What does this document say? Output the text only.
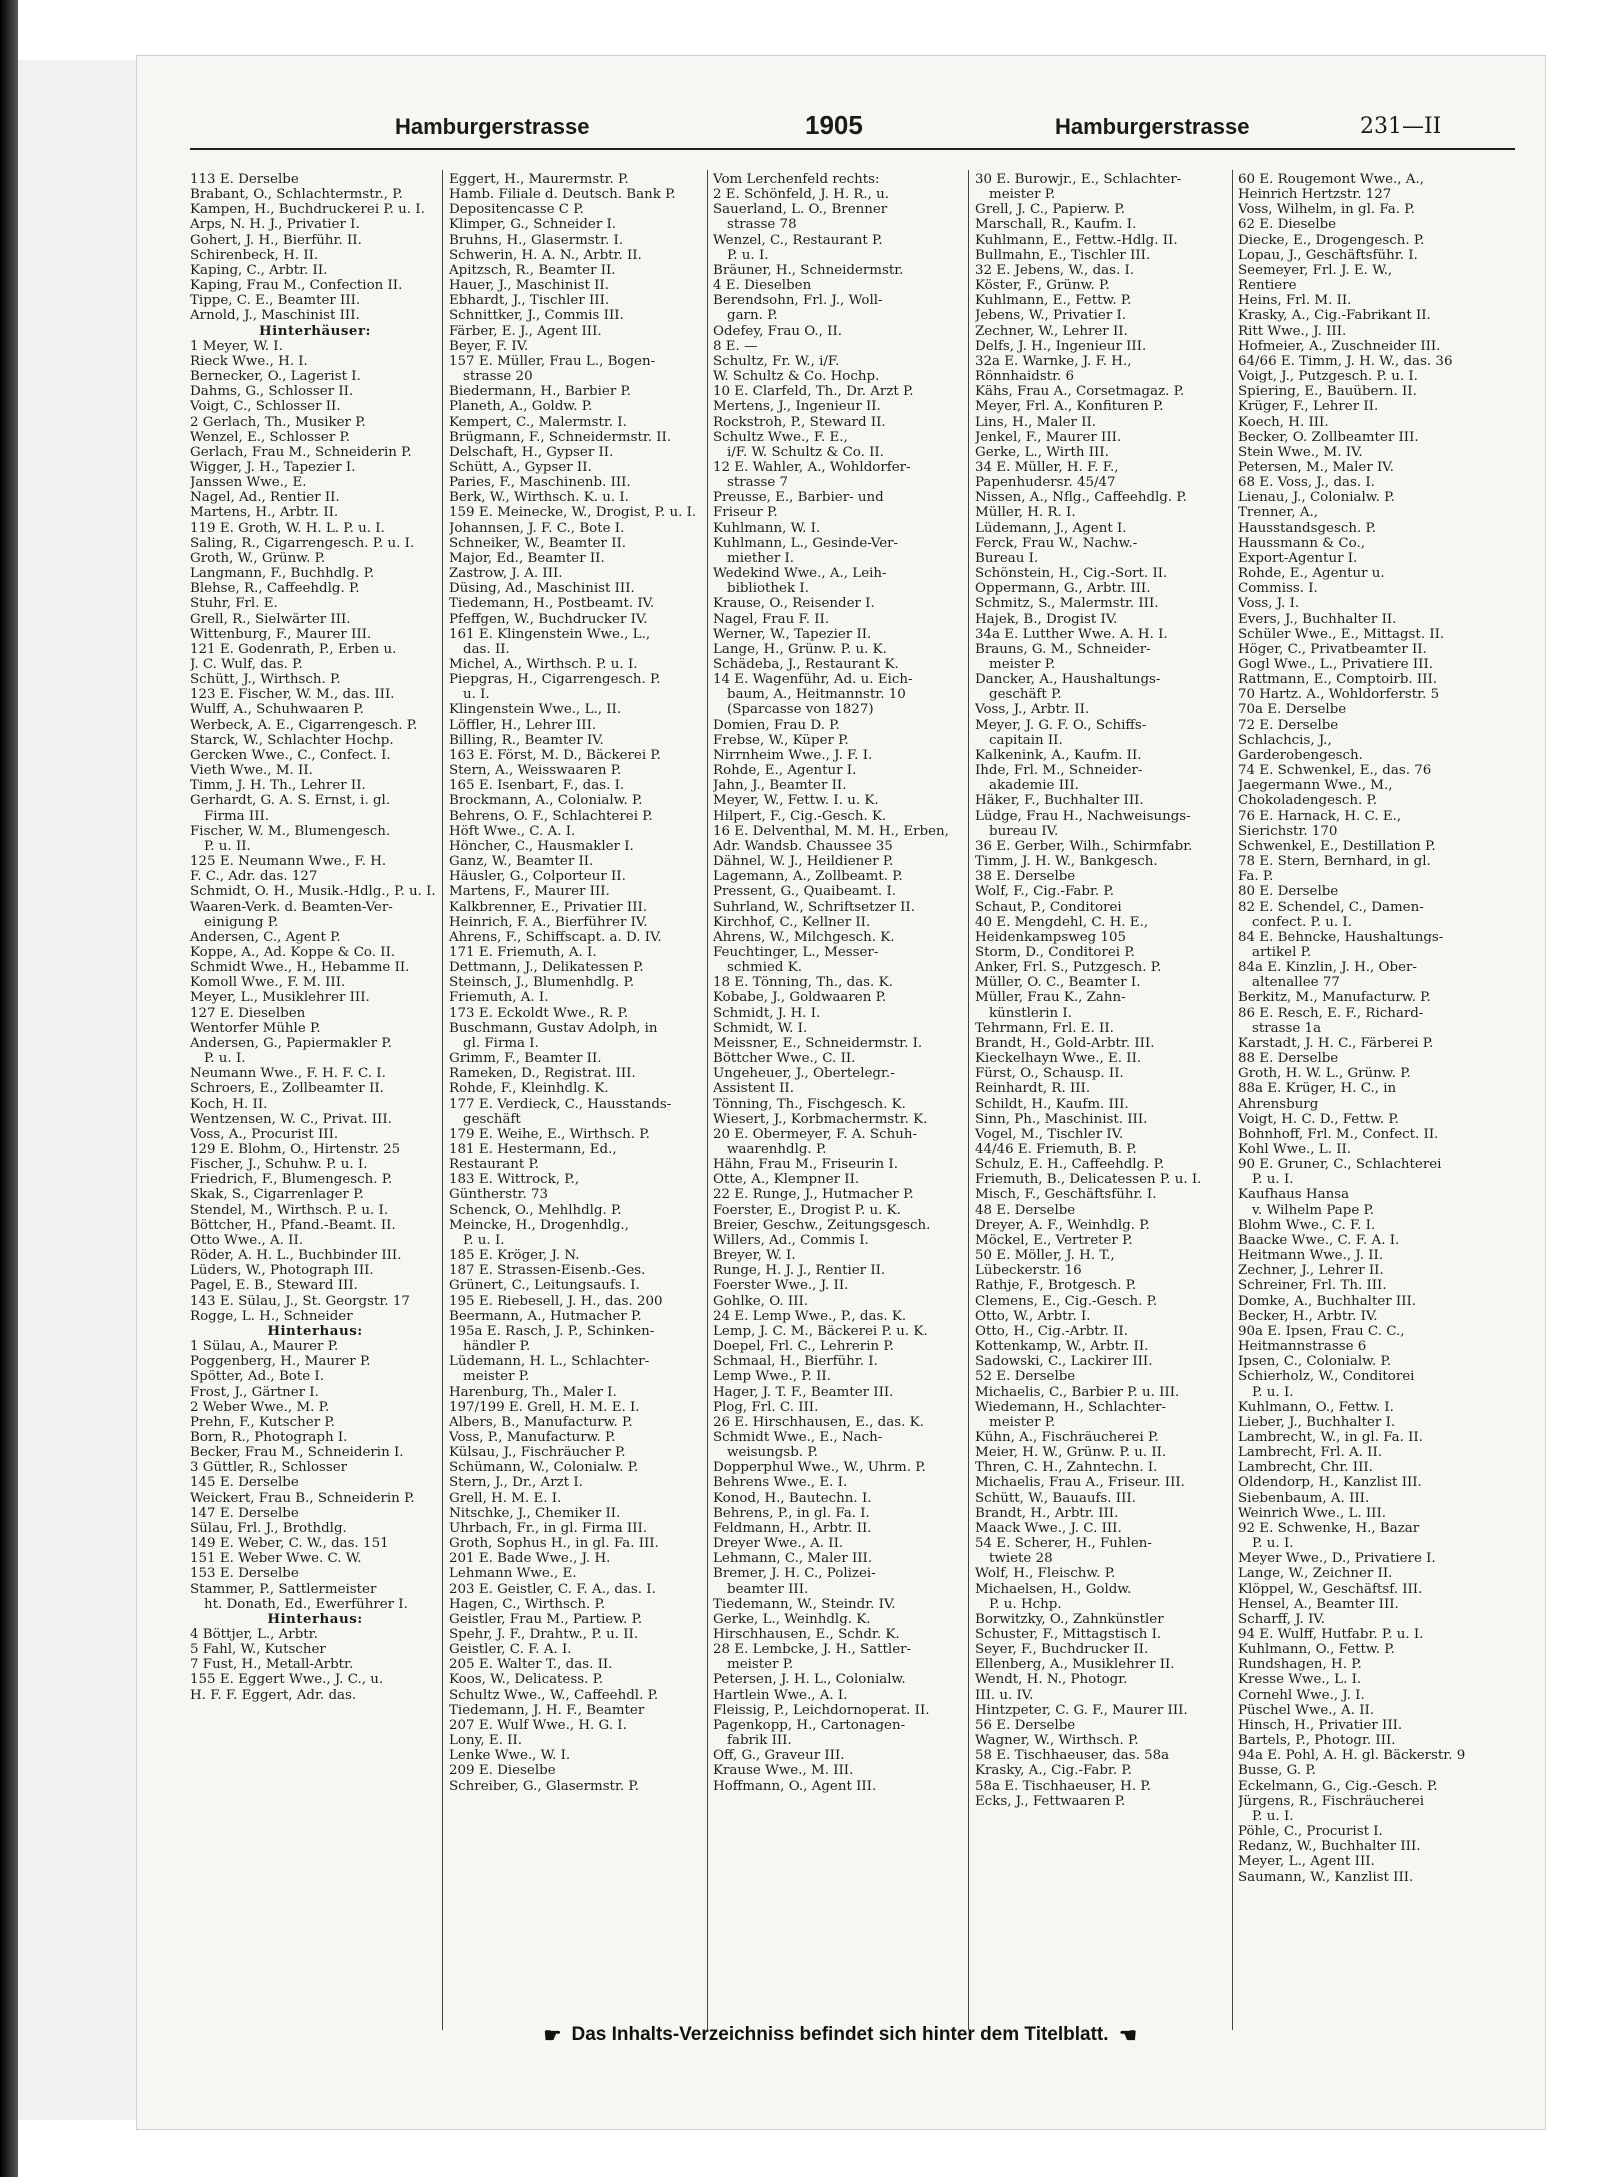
Hamburgerstrasse	1905	Hamburgerstrasse	231—II
113 E. Derselbe
Brabant, O., Schlachtermstr., P.
Kampen, H., Buchdruckerei P. u. I.
Arps, N. H. J., Privatier I.
Gohert, J. H., Bierführ. II.
Schirenbeck, H. II.
Kaping, C., Arbtr. II.
Kaping, Frau M., Confection II.
Tippe, C. E., Beamter III.
Arnold, J., Maschinist III.
Hinterhäuser:
1 Meyer, W. I.
Rieck Wwe., H. I.
Bernecker, O., Lagerist I.
Dahms, G., Schlosser II.
Voigt, C., Schlosser II.
2 Gerlach, Th., Musiker P.
Wenzel, E., Schlosser P.
Gerlach, Frau M., Schneiderin P.
Wigger, J. H., Tapezier I.
Janssen Wwe., E.
Nagel, Ad., Rentier II.
Martens, H., Arbtr. II.
119 E. Groth, W. H. L. P. u. I.
Saling, R., Cigarrengesch. P. u. I.
Groth, W., Grünw. P.
Langmann, F., Buchhdlg. P.
Blehse, R., Caffeehdlg. P.
Stuhr, Frl. E.
Grell, R., Sielwärter III.
Wittenburg, F., Maurer III.
121 E. Godenrath, P., Erben u.
J. C. Wulf, das. P.
Schütt, J., Wirthsch. P.
123 E. Fischer, W. M., das. III.
Wulff, A., Schuhwaaren P.
Werbeck, A. E., Cigarrengesch. P.
Starck, W., Schlachter Hochp.
Gercken Wwe., C., Confect. I.
Vieth Wwe., M. II.
Timm, J. H. Th., Lehrer II.
Gerhardt, G. A. S. Ernst, i. gl.
Firma III.
Fischer, W. M., Blumengesch.
P. u. II.
125 E. Neumann Wwe., F. H.
F. C., Adr. das. 127
Schmidt, O. H., Musik.-Hdlg., P. u. I.
Waaren-Verk. d. Beamten-Ver-
einigung P.
Andersen, C., Agent P.
Koppe, A., Ad. Koppe & Co. II.
Schmidt Wwe., H., Hebamme II.
Komoll Wwe., F. M. III.
Meyer, L., Musiklehrer III.
127 E. Dieselben
Wentorfer Mühle P.
Andersen, G., Papiermakler P.
P. u. I.
Neumann Wwe., F. H. F. C. I.
Schroers, E., Zollbeamter II.
Koch, H. II.
Wentzensen, W. C., Privat. III.
Voss, A., Procurist III.
129 E. Blohm, O., Hirtenstr. 25
Fischer, J., Schuhw. P. u. I.
Friedrich, F., Blumengesch. P.
Skak, S., Cigarrenlager P.
Stendel, M., Wirthsch. P. u. I.
Böttcher, H., Pfand.-Beamt. II.
Otto Wwe., A. II.
Röder, A. H. L., Buchbinder III.
Lüders, W., Photograph III.
Pagel, E. B., Steward III.
143 E. Sülau, J., St. Georgstr. 17
Rogge, L. H., Schneider
Hinterhaus:
1 Sülau, A., Maurer P.
Poggenberg, H., Maurer P.
Spötter, Ad., Bote I.
Frost, J., Gärtner I.
2 Weber Wwe., M. P.
Prehn, F., Kutscher P.
Born, R., Photograph I.
Becker, Frau M., Schneiderin I.
3 Güttler, R., Schlosser
145 E. Derselbe
Weickert, Frau B., Schneiderin P.
147 E. Derselbe
Sülau, Frl. J., Brothdlg.
149 E. Weber, C. W., das. 151
151 E. Weber Wwe. C. W.
153 E. Derselbe
Stammer, P., Sattlermeister
ht. Donath, Ed., Ewerführer I.
Hinterhaus:
4 Böttjer, L., Arbtr.
5 Fahl, W., Kutscher
7 Fust, H., Metall-Arbtr.
155 E. Eggert Wwe., J. C., u.
H. F. F. Eggert, Adr. das.
Eggert, H., Maurermstr. P.
Hamb. Filiale d. Deutsch. Bank P.
Depositencasse C P.
Klimper, G., Schneider I.
Bruhns, H., Glasermstr. I.
Schwerin, H. A. N., Arbtr. II.
Apitzsch, R., Beamter II.
Hauer, J., Maschinist II.
Ebhardt, J., Tischler III.
Schnittker, J., Commis III.
Färber, E. J., Agent III.
Beyer, F. IV.
157 E. Müller, Frau L., Bogen-
strasse 20
Biedermann, H., Barbier P.
Planeth, A., Goldw. P.
Kempert, C., Malermstr. I.
Brügmann, F., Schneidermstr. II.
Delschaft, H., Gypser II.
Schütt, A., Gypser II.
Paries, F., Maschinenb. III.
Berk, W., Wirthsch. K. u. I.
159 E. Meinecke, W., Drogist, P. u. I.
Johannsen, J. F. C., Bote I.
Schneiker, W., Beamter II.
Major, Ed., Beamter II.
Zastrow, J. A. III.
Düsing, Ad., Maschinist III.
Tiedemann, H., Postbeamt. IV.
Pfeffgen, W., Buchdrucker IV.
161 E. Klingenstein Wwe., L.,
das. II.
Michel, A., Wirthsch. P. u. I.
Piepgras, H., Cigarrengesch. P.
u. I.
Klingenstein Wwe., L., II.
Löffler, H., Lehrer III.
Billing, R., Beamter IV.
163 E. Först, M. D., Bäckerei P.
Stern, A., Weisswaaren P.
165 E. Isenbart, F., das. I.
Brockmann, A., Colonialw. P.
Behrens, O. F., Schlachterei P.
Höft Wwe., C. A. I.
Höncher, C., Hausmakler I.
Ganz, W., Beamter II.
Häusler, G., Colporteur II.
Martens, F., Maurer III.
Kalkbrenner, E., Privatier III.
Heinrich, F. A., Bierführer IV.
Ahrens, F., Schiffscapt. a. D. IV.
171 E. Friemuth, A. I.
Dettmann, J., Delikatessen P.
Steinsch, J., Blumenhdlg. P.
Friemuth, A. I.
173 E. Eckoldt Wwe., R. P.
Buschmann, Gustav Adolph, in
gl. Firma I.
Grimm, F., Beamter II.
Rameken, D., Registrat. III.
Rohde, F., Kleinhdlg. K.
177 E. Verdieck, C., Hausstands-
geschäft
179 E. Weihe, E., Wirthsch. P.
181 E. Hestermann, Ed.,
Restaurant P.
183 E. Wittrock, P.,
Güntherstr. 73
Schenck, O., Mehlhdlg. P.
Meincke, H., Drogenhdlg.,
P. u. I.
185 E. Kröger, J. N.
187 E. Strassen-Eisenb.-Ges.
Grünert, C., Leitungsaufs. I.
195 E. Riebesell, J. H., das. 200
Beermann, A., Hutmacher P.
195a E. Rasch, J. P., Schinken-
händler P.
Lüdemann, H. L., Schlachter-
meister P.
Harenburg, Th., Maler I.
197/199 E. Grell, H. M. E. I.
Albers, B., Manufacturw. P.
Voss, P., Manufacturw. P.
Külsau, J., Fischräucher P.
Schümann, W., Colonialw. P.
Stern, J., Dr., Arzt I.
Grell, H. M. E. I.
Nitschke, J., Chemiker II.
Uhrbach, Fr., in gl. Firma III.
Groth, Sophus H., in gl. Fa. III.
201 E. Bade Wwe., J. H.
Lehmann Wwe., E.
203 E. Geistler, C. F. A., das. I.
Hagen, C., Wirthsch. P.
Geistler, Frau M., Partiew. P.
Spehr, J. F., Drahtw., P. u. II.
Geistler, C. F. A. I.
205 E. Walter T., das. II.
Koos, W., Delicatess. P.
Schultz Wwe., W., Caffeehdl. P.
Tiedemann, J. H. F., Beamter
207 E. Wulf Wwe., H. G. I.
Lony, E. II.
Lenke Wwe., W. I.
209 E. Dieselbe
Schreiber, G., Glasermstr. P.
Vom Lerchenfeld rechts:
2 E. Schönfeld, J. H. R., u.
Sauerland, L. O., Brenner
strasse 78
Wenzel, C., Restaurant P.
P. u. I.
Bräuner, H., Schneidermstr.
4 E. Dieselben
Berendsohn, Frl. J., Woll-
garn. P.
Odefey, Frau O., II.
8 E. —
Schultz, Fr. W., i/F.
W. Schultz & Co. Hochp.
10 E. Clarfeld, Th., Dr. Arzt P.
Mertens, J., Ingenieur II.
Rockstroh, P., Steward II.
Schultz Wwe., F. E.,
i/F. W. Schultz & Co. II.
12 E. Wahler, A., Wohldorfer-
strasse 7
Preusse, E., Barbier- und
Friseur P.
Kuhlmann, W. I.
Kuhlmann, L., Gesinde-Ver-
miether I.
Wedekind Wwe., A., Leih-
bibliothek I.
Krause, O., Reisender I.
Nagel, Frau F. II.
Werner, W., Tapezier II.
Lange, H., Grünw. P. u. K.
Schädeba, J., Restaurant K.
14 E. Wagenführ, Ad. u. Eich-
baum, A., Heitmannstr. 10
(Sparcasse von 1827)
Domien, Frau D. P.
Frebse, W., Küper P.
Nirrnheim Wwe., J. F. I.
Rohde, E., Agentur I.
Jahn, J., Beamter II.
Meyer, W., Fettw. I. u. K.
Hilpert, F., Cig.-Gesch. K.
16 E. Delventhal, M. M. H., Erben,
Adr. Wandsb. Chaussee 35
Dähnel, W. J., Heildiener P.
Lagemann, A., Zollbeamt. P.
Pressent, G., Quaibeamt. I.
Suhrland, W., Schriftsetzer II.
Kirchhof, C., Kellner II.
Ahrens, W., Milchgesch. K.
Feuchtinger, L., Messer-
schmied K.
18 E. Tönning, Th., das. K.
Kobabe, J., Goldwaaren P.
Schmidt, J. H. I.
Schmidt, W. I.
Meissner, E., Schneidermstr. I.
Böttcher Wwe., C. II.
Ungeheuer, J., Obertelegr.-
Assistent II.
Tönning, Th., Fischgesch. K.
Wiesert, J., Korbmachermstr. K.
20 E. Obermeyer, F. A. Schuh-
waarenhdlg. P.
Hähn, Frau M., Friseurin I.
Otte, A., Klempner II.
22 E. Runge, J., Hutmacher P.
Foerster, E., Drogist P. u. K.
Breier, Geschw., Zeitungsgesch.
Willers, Ad., Commis I.
Breyer, W. I.
Runge, H. J. J., Rentier II.
Foerster Wwe., J. II.
Gohlke, O. III.
24 E. Lemp Wwe., P., das. K.
Lemp, J. C. M., Bäckerei P. u. K.
Doepel, Frl. C., Lehrerin P.
Schmaal, H., Bierführ. I.
Lemp Wwe., P. II.
Hager, J. T. F., Beamter III.
Plog, Frl. C. III.
26 E. Hirschhausen, E., das. K.
Schmidt Wwe., E., Nach-
weisungsb. P.
Dopperphul Wwe., W., Uhrm. P.
Behrens Wwe., E. I.
Konod, H., Bautechn. I.
Behrens, P., in gl. Fa. I.
Feldmann, H., Arbtr. II.
Dreyer Wwe., A. II.
Lehmann, C., Maler III.
Bremer, J. H. C., Polizei-
beamter III.
Tiedemann, W., Steindr. IV.
Gerke, L., Weinhdlg. K.
Hirschhausen, E., Schdr. K.
28 E. Lembcke, J. H., Sattler-
meister P.
Petersen, J. H. L., Colonialw.
Hartlein Wwe., A. I.
Fleissig, P., Leichdornoperat. II.
Pagenkopp, H., Cartonagen-
fabrik III.
Off, G., Graveur III.
Krause Wwe., M. III.
Hoffmann, O., Agent III.
30 E. Burowjr., E., Schlachter-
meister P.
Grell, J. C., Papierw. P.
Marschall, R., Kaufm. I.
Kuhlmann, E., Fettw.-Hdlg. II.
Bullmahn, E., Tischler III.
32 E. Jebens, W., das. I.
Köster, F., Grünw. P.
Kuhlmann, E., Fettw. P.
Jebens, W., Privatier I.
Zechner, W., Lehrer II.
Delfs, J. H., Ingenieur III.
32a E. Warnke, J. F. H.,
Rönnhaidstr. 6
Kähs, Frau A., Corsetmagaz. P.
Meyer, Frl. A., Konfituren P.
Lins, H., Maler II.
Jenkel, F., Maurer III.
Gerke, L., Wirth III.
34 E. Müller, H. F. F.,
Papenhudersr. 45/47
Nissen, A., Nflg., Caffeehdlg. P.
Müller, H. R. I.
Lüdemann, J., Agent I.
Ferck, Frau W., Nachw.-
Bureau I.
Schönstein, H., Cig.-Sort. II.
Oppermann, G., Arbtr. III.
Schmitz, S., Malermstr. III.
Hajek, B., Drogist IV.
34a E. Lutther Wwe. A. H. I.
Brauns, G. M., Schneider-
meister P.
Dancker, A., Haushaltungs-
geschäft P.
Voss, J., Arbtr. II.
Meyer, J. G. F. O., Schiffs-
capitain II.
Kalkenink, A., Kaufm. II.
Ihde, Frl. M., Schneider-
akademie III.
Häker, F., Buchhalter III.
Lüdge, Frau H., Nachweisungs-
bureau IV.
36 E. Gerber, Wilh., Schirmfabr.
Timm, J. H. W., Bankgesch.
38 E. Derselbe
Wolf, F., Cig.-Fabr. P.
Schaut, P., Conditorei
40 E. Mengdehl, C. H. E.,
Heidenkampsweg 105
Storm, D., Conditorei P.
Anker, Frl. S., Putzgesch. P.
Müller, O. C., Beamter I.
Müller, Frau K., Zahn-
künstlerin I.
Tehrmann, Frl. E. II.
Brandt, H., Gold-Arbtr. III.
Kieckelhayn Wwe., E. II.
Fürst, O., Schausp. II.
Reinhardt, R. III.
Schildt, H., Kaufm. III.
Sinn, Ph., Maschinist. III.
Vogel, M., Tischler IV.
44/46 E. Friemuth, B. P.
Schulz, E. H., Caffeehdlg. P.
Friemuth, B., Delicatessen P. u. I.
Misch, F., Geschäftsführ. I.
48 E. Derselbe
Dreyer, A. F., Weinhdlg. P.
Möckel, E., Vertreter P.
50 E. Möller, J. H. T.,
Lübeckerstr. 16
Rathje, F., Brotgesch. P.
Clemens, E., Cig.-Gesch. P.
Otto, W., Arbtr. I.
Otto, H., Cig.-Arbtr. II.
Kottenkamp, W., Arbtr. II.
Sadowski, C., Lackirer III.
52 E. Derselbe
Michaelis, C., Barbier P. u. III.
Wiedemann, H., Schlachter-
meister P.
Kühn, A., Fischräucherei P.
Meier, H. W., Grünw. P. u. II.
Thren, C. H., Zahntechn. I.
Michaelis, Frau A., Friseur. III.
Schütt, W., Bauaufs. III.
Brandt, H., Arbtr. III.
Maack Wwe., J. C. III.
54 E. Scherer, H., Fuhlen-
twiete 28
Wolf, H., Fleischw. P.
Michaelsen, H., Goldw.
P. u. Hchp.
Borwitzky, O., Zahnkünstler
Schuster, F., Mittagstisch I.
Seyer, F., Buchdrucker II.
Ellenberg, A., Musiklehrer II.
Wendt, H. N., Photogr.
III. u. IV.
Hintzpeter, C. G. F., Maurer III.
56 E. Derselbe
Wagner, W., Wirthsch. P.
58 E. Tischhaeuser, das. 58a
Krasky, A., Cig.-Fabr. P.
58a E. Tischhaeuser, H. P.
Ecks, J., Fettwaaren P.
60 E. Rougemont Wwe., A.,
Heinrich Hertzstr. 127
Voss, Wilhelm, in gl. Fa. P.
62 E. Dieselbe
Diecke, E., Drogengesch. P.
Lopau, J., Geschäftsführ. I.
Seemeyer, Frl. J. E. W.,
Rentiere
Heins, Frl. M. II.
Krasky, A., Cig.-Fabrikant II.
Ritt Wwe., J. III.
Hofmeier, A., Zuschneider III.
64/66 E. Timm, J. H. W., das. 36
Voigt, J., Putzgesch. P. u. I.
Spiering, E., Bauübern. II.
Krüger, F., Lehrer II.
Koech, H. III.
Becker, O. Zollbeamter III.
Stein Wwe., M. IV.
Petersen, M., Maler IV.
68 E. Voss, J., das. I.
Lienau, J., Colonialw. P.
Trenner, A.,
Hausstandsgesch. P.
Haussmann & Co.,
Export-Agentur I.
Rohde, E., Agentur u.
Commiss. I.
Voss, J. I.
Evers, J., Buchhalter II.
Schüler Wwe., E., Mittagst. II.
Höger, C., Privatbeamter II.
Gogl Wwe., L., Privatiere III.
Rattmann, E., Comptoirb. III.
70 Hartz. A., Wohldorferstr. 5
70a E. Derselbe
72 E. Derselbe
Schlachcis, J.,
Garderobengesch.
74 E. Schwenkel, E., das. 76
Jaegermann Wwe., M.,
Chokoladengesch. P.
76 E. Harnack, H. C. E.,
Sierichstr. 170
Schwenkel, E., Destillation P.
78 E. Stern, Bernhard, in gl.
Fa. P.
80 E. Derselbe
82 E. Schendel, C., Damen-
confect. P. u. I.
84 E. Behncke, Haushaltungs-
artikel P.
84a E. Kinzlin, J. H., Ober-
altenallee 77
Berkitz, M., Manufacturw. P.
86 E. Resch, E. F., Richard-
strasse 1a
Karstadt, J. H. C., Färberei P.
88 E. Derselbe
Groth, H. W. L., Grünw. P.
88a E. Krüger, H. C., in
Ahrensburg
Voigt, H. C. D., Fettw. P.
Bohnhoff, Frl. M., Confect. II.
Kohl Wwe., L. II.
90 E. Gruner, C., Schlachterei
P. u. I.
Kaufhaus Hansa
v. Wilhelm Pape P.
Blohm Wwe., C. F. I.
Baacke Wwe., C. F. A. I.
Heitmann Wwe., J. II.
Zechner, J., Lehrer II.
Schreiner, Frl. Th. III.
Domke, A., Buchhalter III.
Becker, H., Arbtr. IV.
90a E. Ipsen, Frau C. C.,
Heitmannstrasse 6
Ipsen, C., Colonialw. P.
Schierholz, W., Conditorei
P. u. I.
Kuhlmann, O., Fettw. I.
Lieber, J., Buchhalter I.
Lambrecht, W., in gl. Fa. II.
Lambrecht, Frl. A. II.
Lambrecht, Chr. III.
Oldendorp, H., Kanzlist III.
Siebenbaum, A. III.
Weinrich Wwe., L. III.
92 E. Schwenke, H., Bazar
P. u. I.
Meyer Wwe., D., Privatiere I.
Lange, W., Zeichner II.
Klöppel, W., Geschäftsf. III.
Hensel, A., Beamter III.
Scharff, J. IV.
94 E. Wulff, Hutfabr. P. u. I.
Kuhlmann, O., Fettw. P.
Rundshagen, H. P.
Kresse Wwe., L. I.
Cornehl Wwe., J. I.
Püschel Wwe., A. II.
Hinsch, H., Privatier III.
Bartels, P., Photogr. III.
94a E. Pohl, A. H. gl. Bäckerstr. 9
Busse, G. P.
Eckelmann, G., Cig.-Gesch. P.
Jürgens, R., Fischräucherei
P. u. I.
Pöhle, C., Procurist I.
Redanz, W., Buchhalter III.
Meyer, L., Agent III.
Saumann, W., Kanzlist III.
☛ Das Inhalts-Verzeichniss befindet sich hinter dem Titelblatt. ☛
